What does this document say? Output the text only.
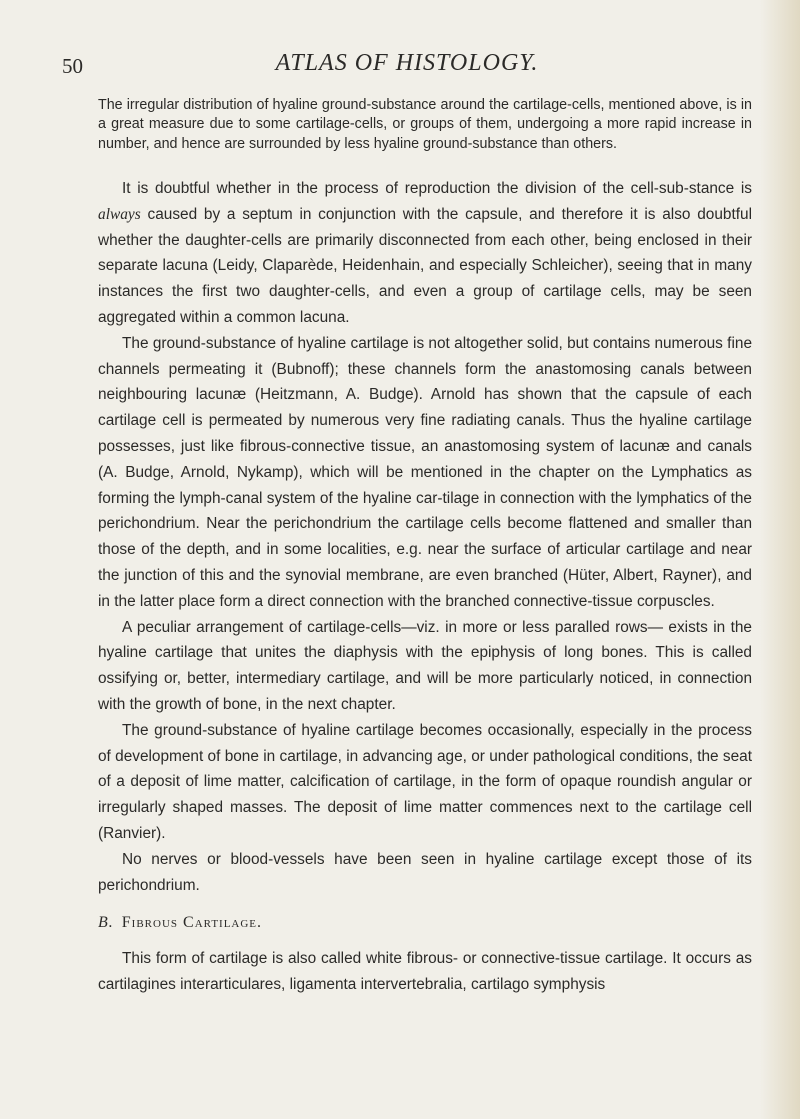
50	ATLAS OF HISTOLOGY.

The irregular distribution of hyaline ground-substance around the cartilage-cells, mentioned above, is in a great measure due to some cartilage-cells, or groups of them, undergoing a more rapid increase in number, and hence are surrounded by less hyaline ground-substance than others.

It is doubtful whether in the process of reproduction the division of the cell-sub-stance is always caused by a septum in conjunction with the capsule, and therefore it is also doubtful whether the daughter-cells are primarily disconnected from each other, being enclosed in their separate lacuna (Leidy, Claparède, Heidenhain, and especially Schleicher), seeing that in many instances the first two daughter-cells, and even a group of cartilage cells, may be seen aggregated within a common lacuna.

The ground-substance of hyaline cartilage is not altogether solid, but contains numerous fine channels permeating it (Bubnoff); these channels form the anastomosing canals between neighbouring lacunæ (Heitzmann, A. Budge). Arnold has shown that the capsule of each cartilage cell is permeated by numerous very fine radiating canals. Thus the hyaline cartilage possesses, just like fibrous-connective tissue, an anastomosing system of lacunæ and canals (A. Budge, Arnold, Nykamp), which will be mentioned in the chapter on the Lymphatics as forming the lymph-canal system of the hyaline car-tilage in connection with the lymphatics of the perichondrium. Near the perichondrium the cartilage cells become flattened and smaller than those of the depth, and in some localities, e.g. near the surface of articular cartilage and near the junction of this and the synovial membrane, are even branched (Hüter, Albert, Rayner), and in the latter place form a direct connection with the branched connective-tissue corpuscles.

A peculiar arrangement of cartilage-cells—viz. in more or less paralled rows— exists in the hyaline cartilage that unites the diaphysis with the epiphysis of long bones. This is called ossifying or, better, intermediary cartilage, and will be more particularly noticed, in connection with the growth of bone, in the next chapter.

The ground-substance of hyaline cartilage becomes occasionally, especially in the process of development of bone in cartilage, in advancing age, or under pathological conditions, the seat of a deposit of lime matter, calcification of cartilage, in the form of opaque roundish angular or irregularly shaped masses. The deposit of lime matter commences next to the cartilage cell (Ranvier).

No nerves or blood-vessels have been seen in hyaline cartilage except those of its perichondrium.

B. Fibrous Cartilage.

This form of cartilage is also called white fibrous- or connective-tissue cartilage. It occurs as cartilagines interarticulares, ligamenta intervertebralia, cartilago symphysis
